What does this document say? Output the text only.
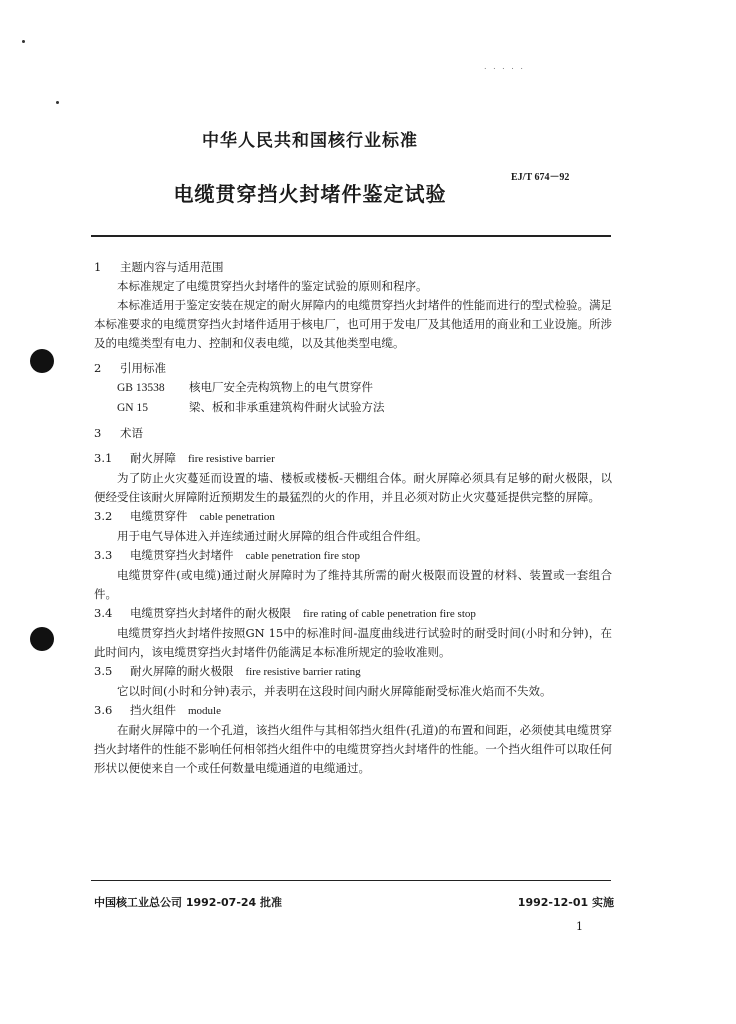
. . . . .
中华人民共和国核行业标准
电缆贯穿挡火封堵件鉴定试验
EJ/T 674－92

1 主题内容与适用范围

本标准规定了电缆贯穿挡火封堵件的鉴定试验的原则和程序。

本标准适用于鉴定安装在规定的耐火屏障内的电缆贯穿挡火封堵件的性能而进行的型式检验。满足本标准要求的电缆贯穿挡火封堵件适用于核电厂，也可用于发电厂及其他适用的商业和工业设施。所涉及的电缆类型有电力、控制和仪表电缆，以及其他类型电缆。

2 引用标准

GB 13538 核电厂安全壳构筑物上的电气贯穿件

GN 15	梁、板和非承重建筑构件耐火试验方法

3 术语

3.1 耐火屏障 fire resistive barrier

为了防止火灾蔓延而设置的墙、楼板或楼板-天棚组合体。耐火屏障必须具有足够的耐火极限，以便经受住该耐火屏障附近预期发生的最猛烈的火的作用，并且必须对防止火灾蔓延提供完整的屏障。

3.2 电缆贯穿件 cable penetration

用于电气导体进入并连续通过耐火屏障的组合件或组合件组。

3.3 电缆贯穿挡火封堵件 cable penetration fire stop

电缆贯穿件(或电缆)通过耐火屏障时为了维持其所需的耐火极限而设置的材料、装置或一套组合件。

3.4 电缆贯穿挡火封堵件的耐火极限 fire rating of cable penetration fire stop

电缆贯穿挡火封堵件按照GN 15中的标准时间-温度曲线进行试验时的耐受时间(小时和分钟)，在此时间内，该电缆贯穿挡火封堵件仍能满足本标准所规定的验收准则。

3.5 耐火屏障的耐火极限 fire resistive barrier rating

它以时间(小时和分钟)表示，并表明在这段时间内耐火屏障能耐受标准火焰而不失效。

3.6 挡火组件 module

在耐火屏障中的一个孔道，该挡火组件与其相邻挡火组件(孔道)的布置和间距，必须使其电缆贯穿挡火封堵件的性能不影响任何相邻挡火组件中的电缆贯穿挡火封堵件的性能。一个挡火组件可以取任何形状以便使来自一个或任何数量电缆通道的电缆通过。

中国核工业总公司 1992-07-24 批准	1992-12-01 实施
1
